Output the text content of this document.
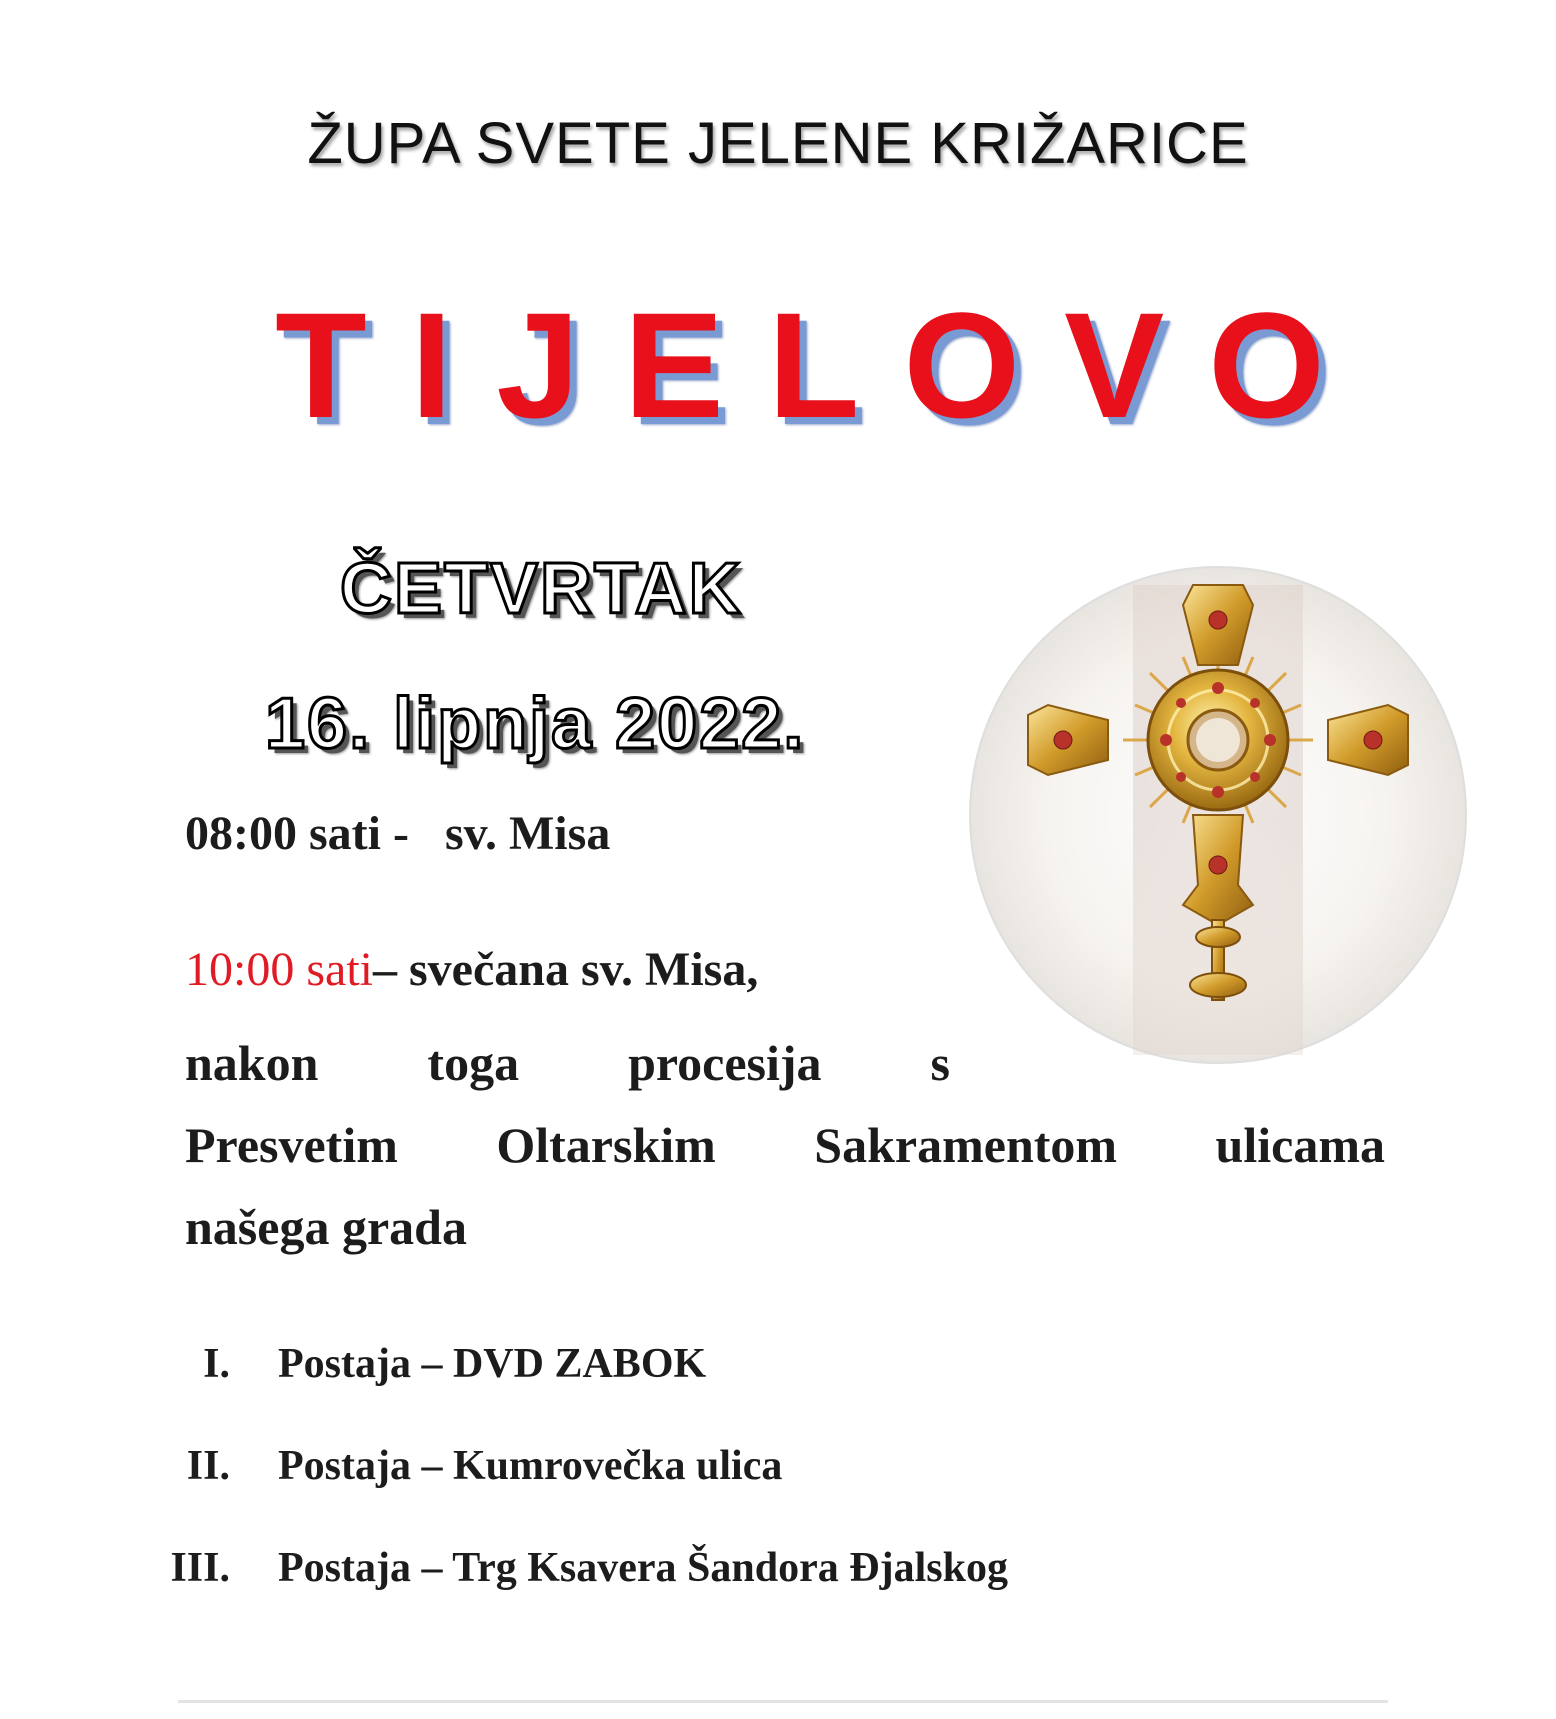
ŽUPA SVETE JELENE KRIŽARICE
TIJELOVO
ČETVRTAK
16. lipnja 2022.
08:00 sati - sv. Misa
10:00 sati– svečana sv. Misa,
nakon toga procesija s
Presvetim Oltarskim Sakramentom ulicama
našega grada
I.	Postaja – DVD ZABOK
II.	Postaja – Kumrovečka ulica
III.	Postaja – Trg Ksavera Šandora Đjalskog
